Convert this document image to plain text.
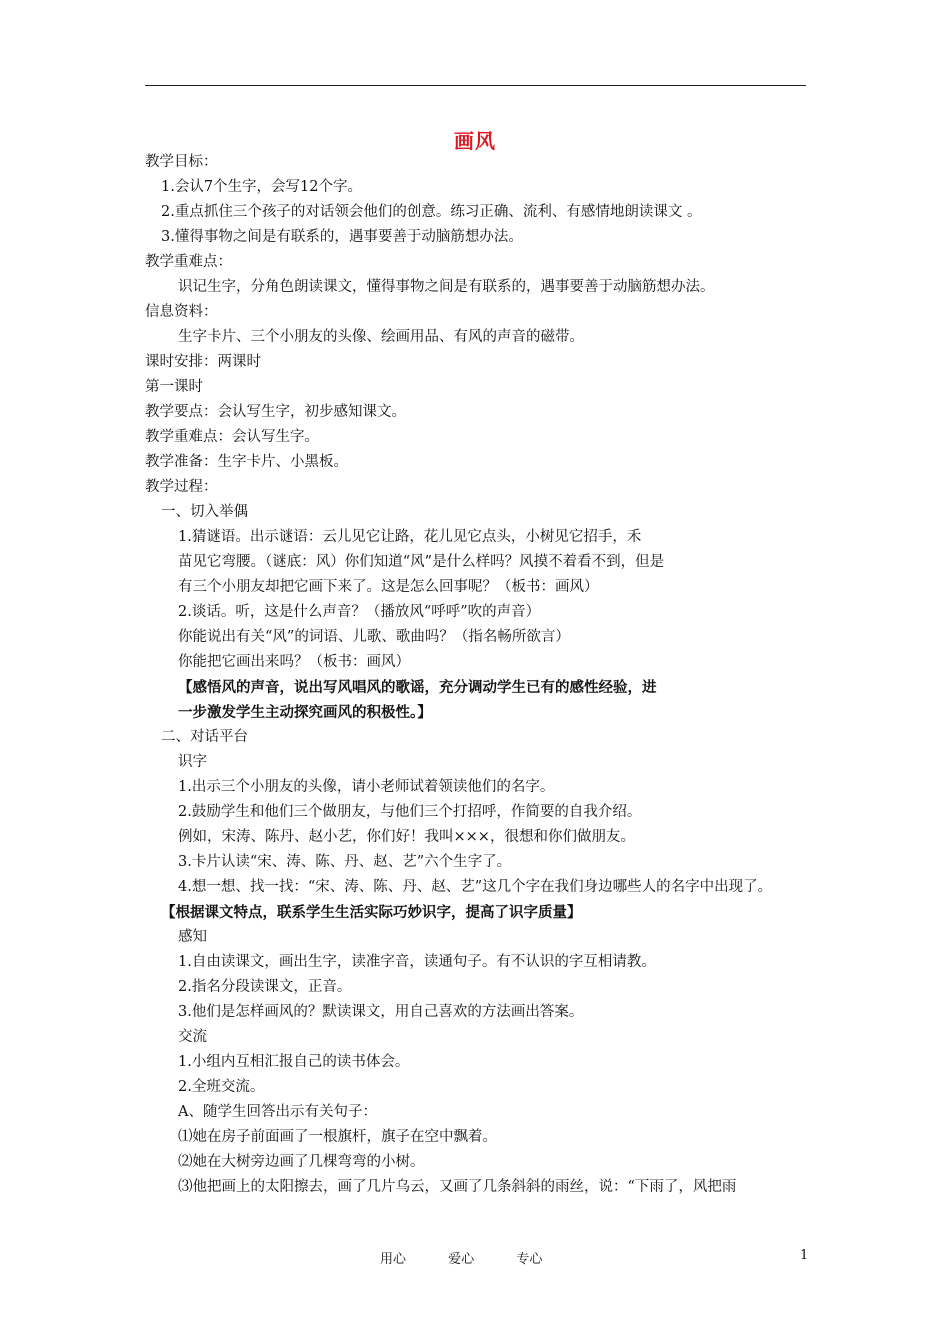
画风
教学目标：
1.会认7个生字，会写12个字。
2.重点抓住三个孩子的对话领会他们的创意。练习正确、流利、有感情地朗读课文 。
3.懂得事物之间是有联系的，遇事要善于动脑筋想办法。
教学重难点：
识记生字，分角色朗读课文，懂得事物之间是有联系的，遇事要善于动脑筋想办法。
信息资料：
生字卡片、三个小朋友的头像、绘画用品、有风的声音的磁带。
课时安排：两课时
第一课时
教学要点：会认写生字，初步感知课文。
教学重难点：会认写生字。
教学准备：生字卡片、小黑板。
教学过程：
一、切入举偶
1.猜谜语。出示谜语：云儿见它让路，花儿见它点头，小树见它招手，禾
苗见它弯腰。（谜底：风）你们知道“风”是什么样吗？风摸不着看不到，但是
有三个小朋友却把它画下来了。这是怎么回事呢？（板书：画风）
2.谈话。听，这是什么声音？（播放风“呼呼”吹的声音）
你能说出有关“风”的词语、儿歌、歌曲吗？（指名畅所欲言）
你能把它画出来吗？（板书：画风）
【感悟风的声音，说出写风唱风的歌谣，充分调动学生已有的感性经验，进
一步激发学生主动探究画风的积极性。】
二、对话平台
识字
1.出示三个小朋友的头像，请小老师试着领读他们的名字。
2.鼓励学生和他们三个做朋友，与他们三个打招呼，作简要的自我介绍。
例如，宋涛、陈丹、赵小艺，你们好！我叫×××，很想和你们做朋友。
3.卡片认读“宋、涛、陈、丹、赵、艺”六个生字了。
4.想一想、找一找：“宋、涛、陈、丹、赵、艺”这几个字在我们身边哪些人的名字中出现了。
【根据课文特点，联系学生生活实际巧妙识字，提高了识字质量】
感知
1.自由读课文，画出生字，读准字音，读通句子。有不认识的字互相请教。
2.指名分段读课文，正音。
3.他们是怎样画风的？默读课文，用自己喜欢的方法画出答案。
交流
1.小组内互相汇报自己的读书体会。
2.全班交流。
A、随学生回答出示有关句子：
⑴她在房子前面画了一根旗杆，旗子在空中飘着。
⑵她在大树旁边画了几棵弯弯的小树。
⑶他把画上的太阳擦去，画了几片乌云，又画了几条斜斜的雨丝，说：“下雨了，风把雨
用心	爱心	专心	1
